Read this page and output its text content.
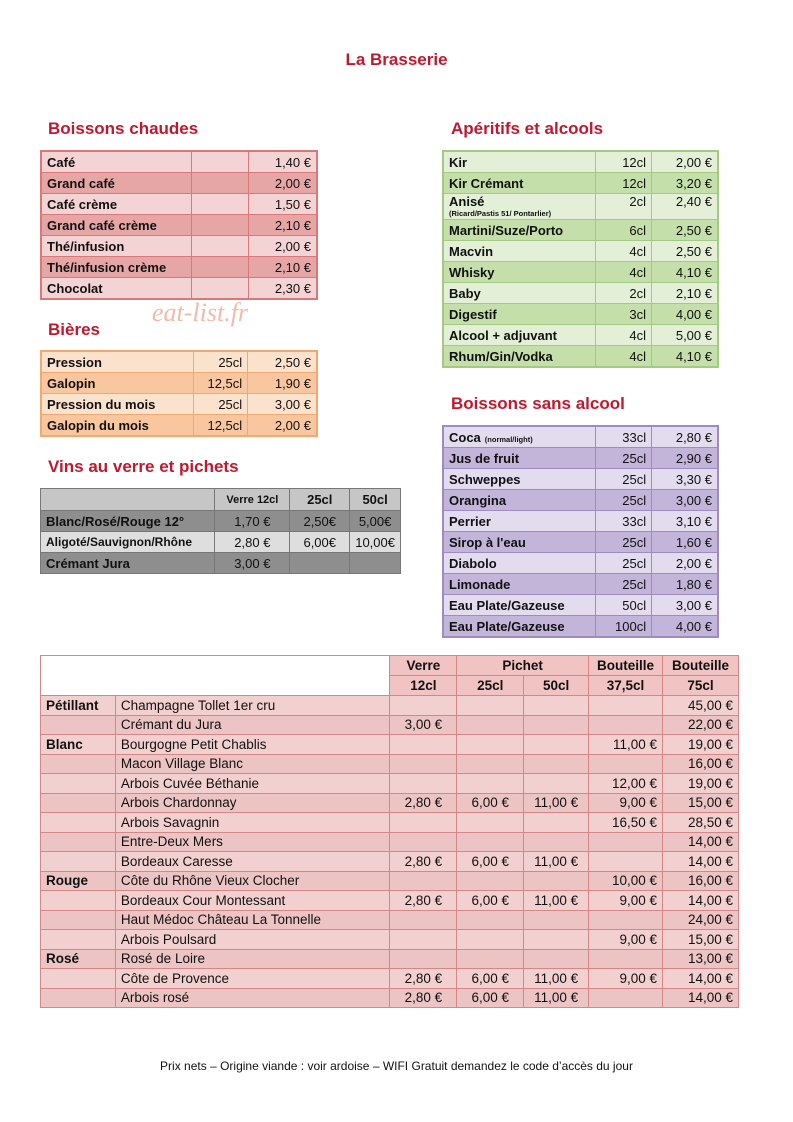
La Brasserie
Boissons chaudes
Café		1,40 €
Grand café		2,00 €
Café crème		1,50 €
Grand café crème		2,10 €
Thé/infusion		2,00 €
Thé/infusion crème		2,10 €
Chocolat		2,30 €
eat-list.fr
Bières
Pression	25cl	2,50 €
Galopin	12,5cl	1,90 €
Pression du mois	25cl	3,00 €
Galopin du mois	12,5cl	2,00 €
Vins au verre et pichets
	Verre 12cl	25cl	50cl
Blanc/Rosé/Rouge 12°	1,70 €	2,50€	5,00€
Aligoté/Sauvignon/Rhône	2,80 €	6,00€	10,00€
Crémant Jura	3,00 €		
Apéritifs et alcools
Kir	12cl	2,00 €
Kir Crémant	12cl	3,20 €
Anisé
(Ricard/Pastis 51/ Pontarlier)	2cl	2,40 €
Martini/Suze/Porto	6cl	2,50 €
Macvin	4cl	2,50 €
Whisky	4cl	4,10 €
Baby	2cl	2,10 €
Digestif	3cl	4,00 €
Alcool + adjuvant	4cl	5,00 €
Rhum/Gin/Vodka	4cl	4,10 €
Boissons sans alcool
Coca (normal/light)	33cl	2,80 €
Jus de fruit	25cl	2,90 €
Schweppes	25cl	3,30 €
Orangina	25cl	3,00 €
Perrier	33cl	3,10 €
Sirop à l'eau	25cl	1,60 €
Diabolo	25cl	2,00 €
Limonade	25cl	1,80 €
Eau Plate/Gazeuse	50cl	3,00 €
Eau Plate/Gazeuse	100cl	4,00 €
		Verre	Pichet		Bouteille	Bouteille
		12cl	25cl	50cl	37,5cl	75cl
Pétillant	Champagne Tollet 1er cru					45,00 €
	Crémant du Jura	3,00 €				22,00 €
Blanc	Bourgogne Petit Chablis				11,00 €	19,00 €
	Macon Village Blanc					16,00 €
	Arbois Cuvée Béthanie				12,00 €	19,00 €
	Arbois Chardonnay	2,80 €	6,00 €	11,00 €	9,00 €	15,00 €
	Arbois Savagnin				16,50 €	28,50 €
	Entre-Deux Mers					14,00 €
	Bordeaux Caresse	2,80 €	6,00 €	11,00 €		14,00 €
Rouge	Côte du Rhône Vieux Clocher				10,00 €	16,00 €
	Bordeaux Cour Montessant	2,80 €	6,00 €	11,00 €	9,00 €	14,00 €
	Haut Médoc Château La Tonnelle					24,00 €
	Arbois Poulsard				9,00 €	15,00 €
Rosé	Rosé de Loire					13,00 €
	Côte de Provence	2,80 €	6,00 €	11,00 €	9,00 €	14,00 €
	Arbois rosé	2,80 €	6,00 €	11,00 €		14,00 €
Prix nets – Origine viande : voir ardoise – WIFI Gratuit demandez le code d’accès du jour
